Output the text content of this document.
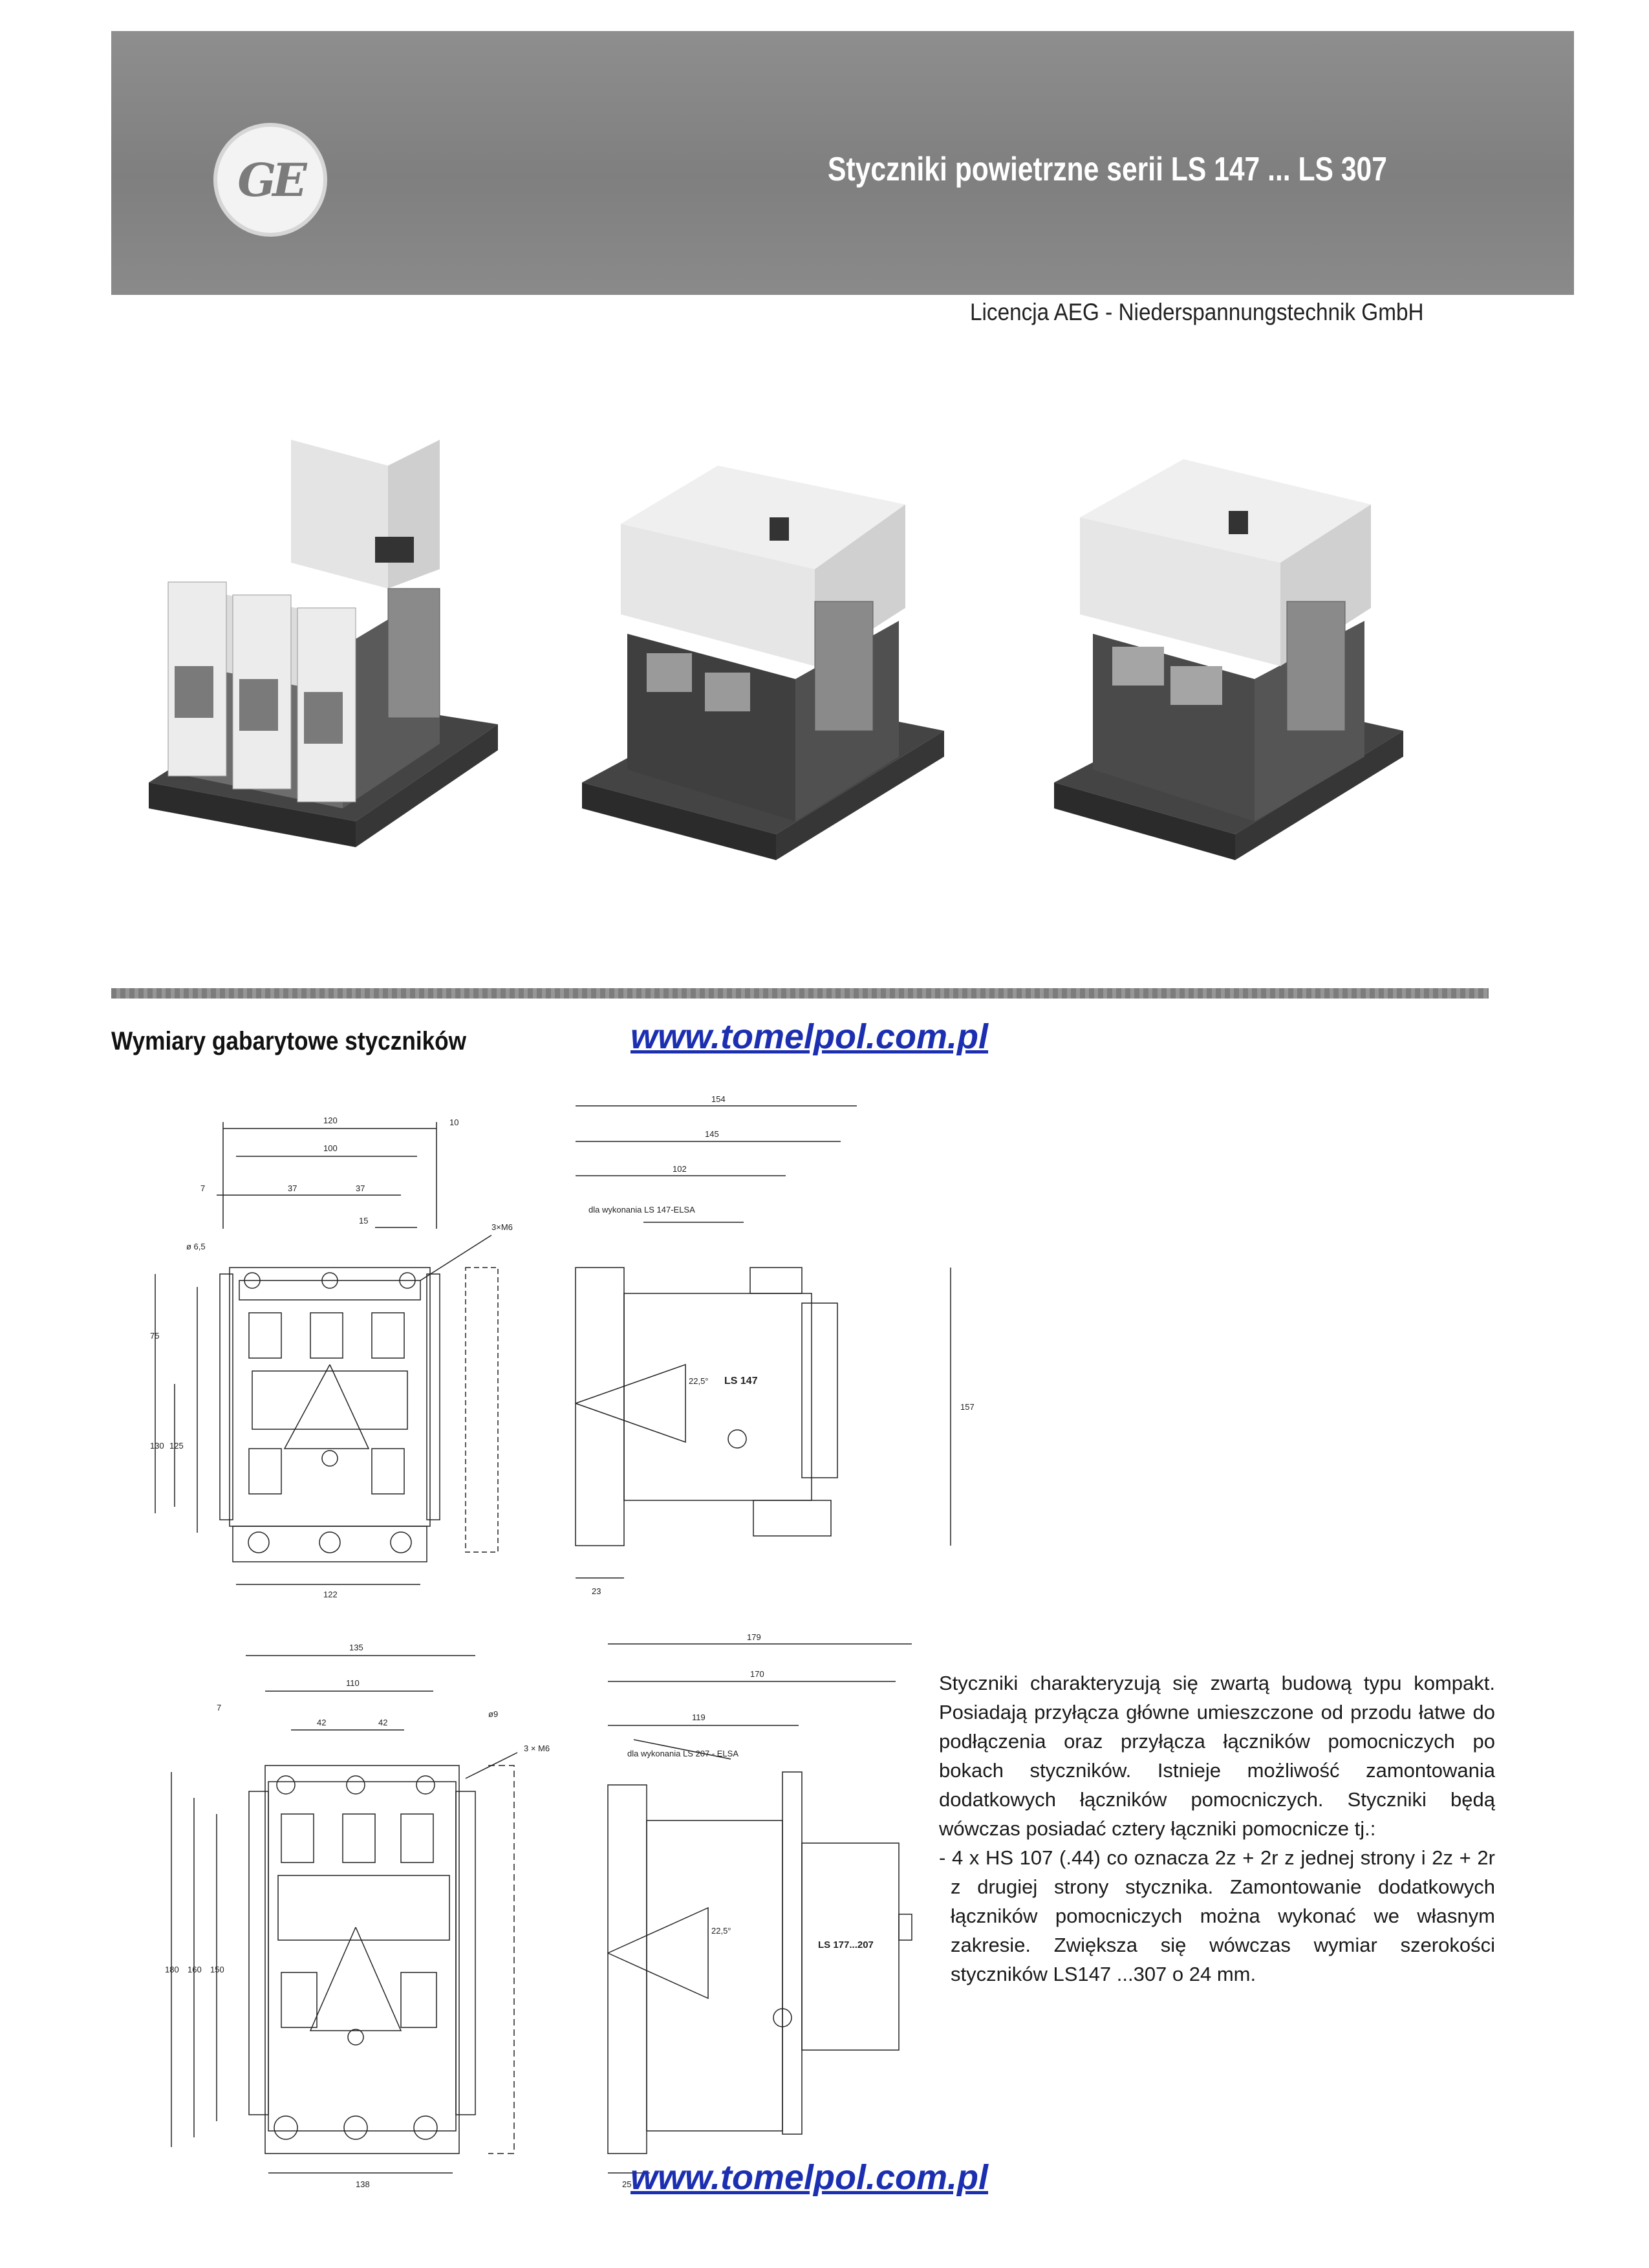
GE	Styczniki powietrzne serii LS 147 ... LS 307
Licencja AEG - Niederspannungstechnik GmbH
Wymiary gabarytowe styczników	www.tomelpol.com.pl
120	10
100
7	37	37
15
ø 6,5
3×M6
75
130 125
122
154
145
102
dla wykonania LS 147-ELSA
LS 147
157
23
22,5°
135
110
7
42	42
ø9
3 × M6
180 160 150
138
179
170
119
dla wykonania LS 207 - ELSA
LS 177...207
22,5°
25

Styczniki charakteryzują się zwartą budową typu kompakt. Posiadają przyłącza główne umieszczone od przodu łatwe do podłączenia oraz przyłącza łączników pomocniczych po bokach styczników. Istnieje możliwość zamontowania dodatkowych łączników pomocniczych. Styczniki będą wówczas posiadać cztery łączniki pomocnicze tj.:

- 4 x HS 107 (.44) co oznacza 2z + 2r z jednej strony i 2z + 2r z drugiej strony stycznika. Zamontowanie dodatkowych łączników pomocniczych można wykonać we własnym zakresie. Zwiększa się wówczas wymiar szerokości styczników LS147 ...307 o 24 mm.

www.tomelpol.com.pl
